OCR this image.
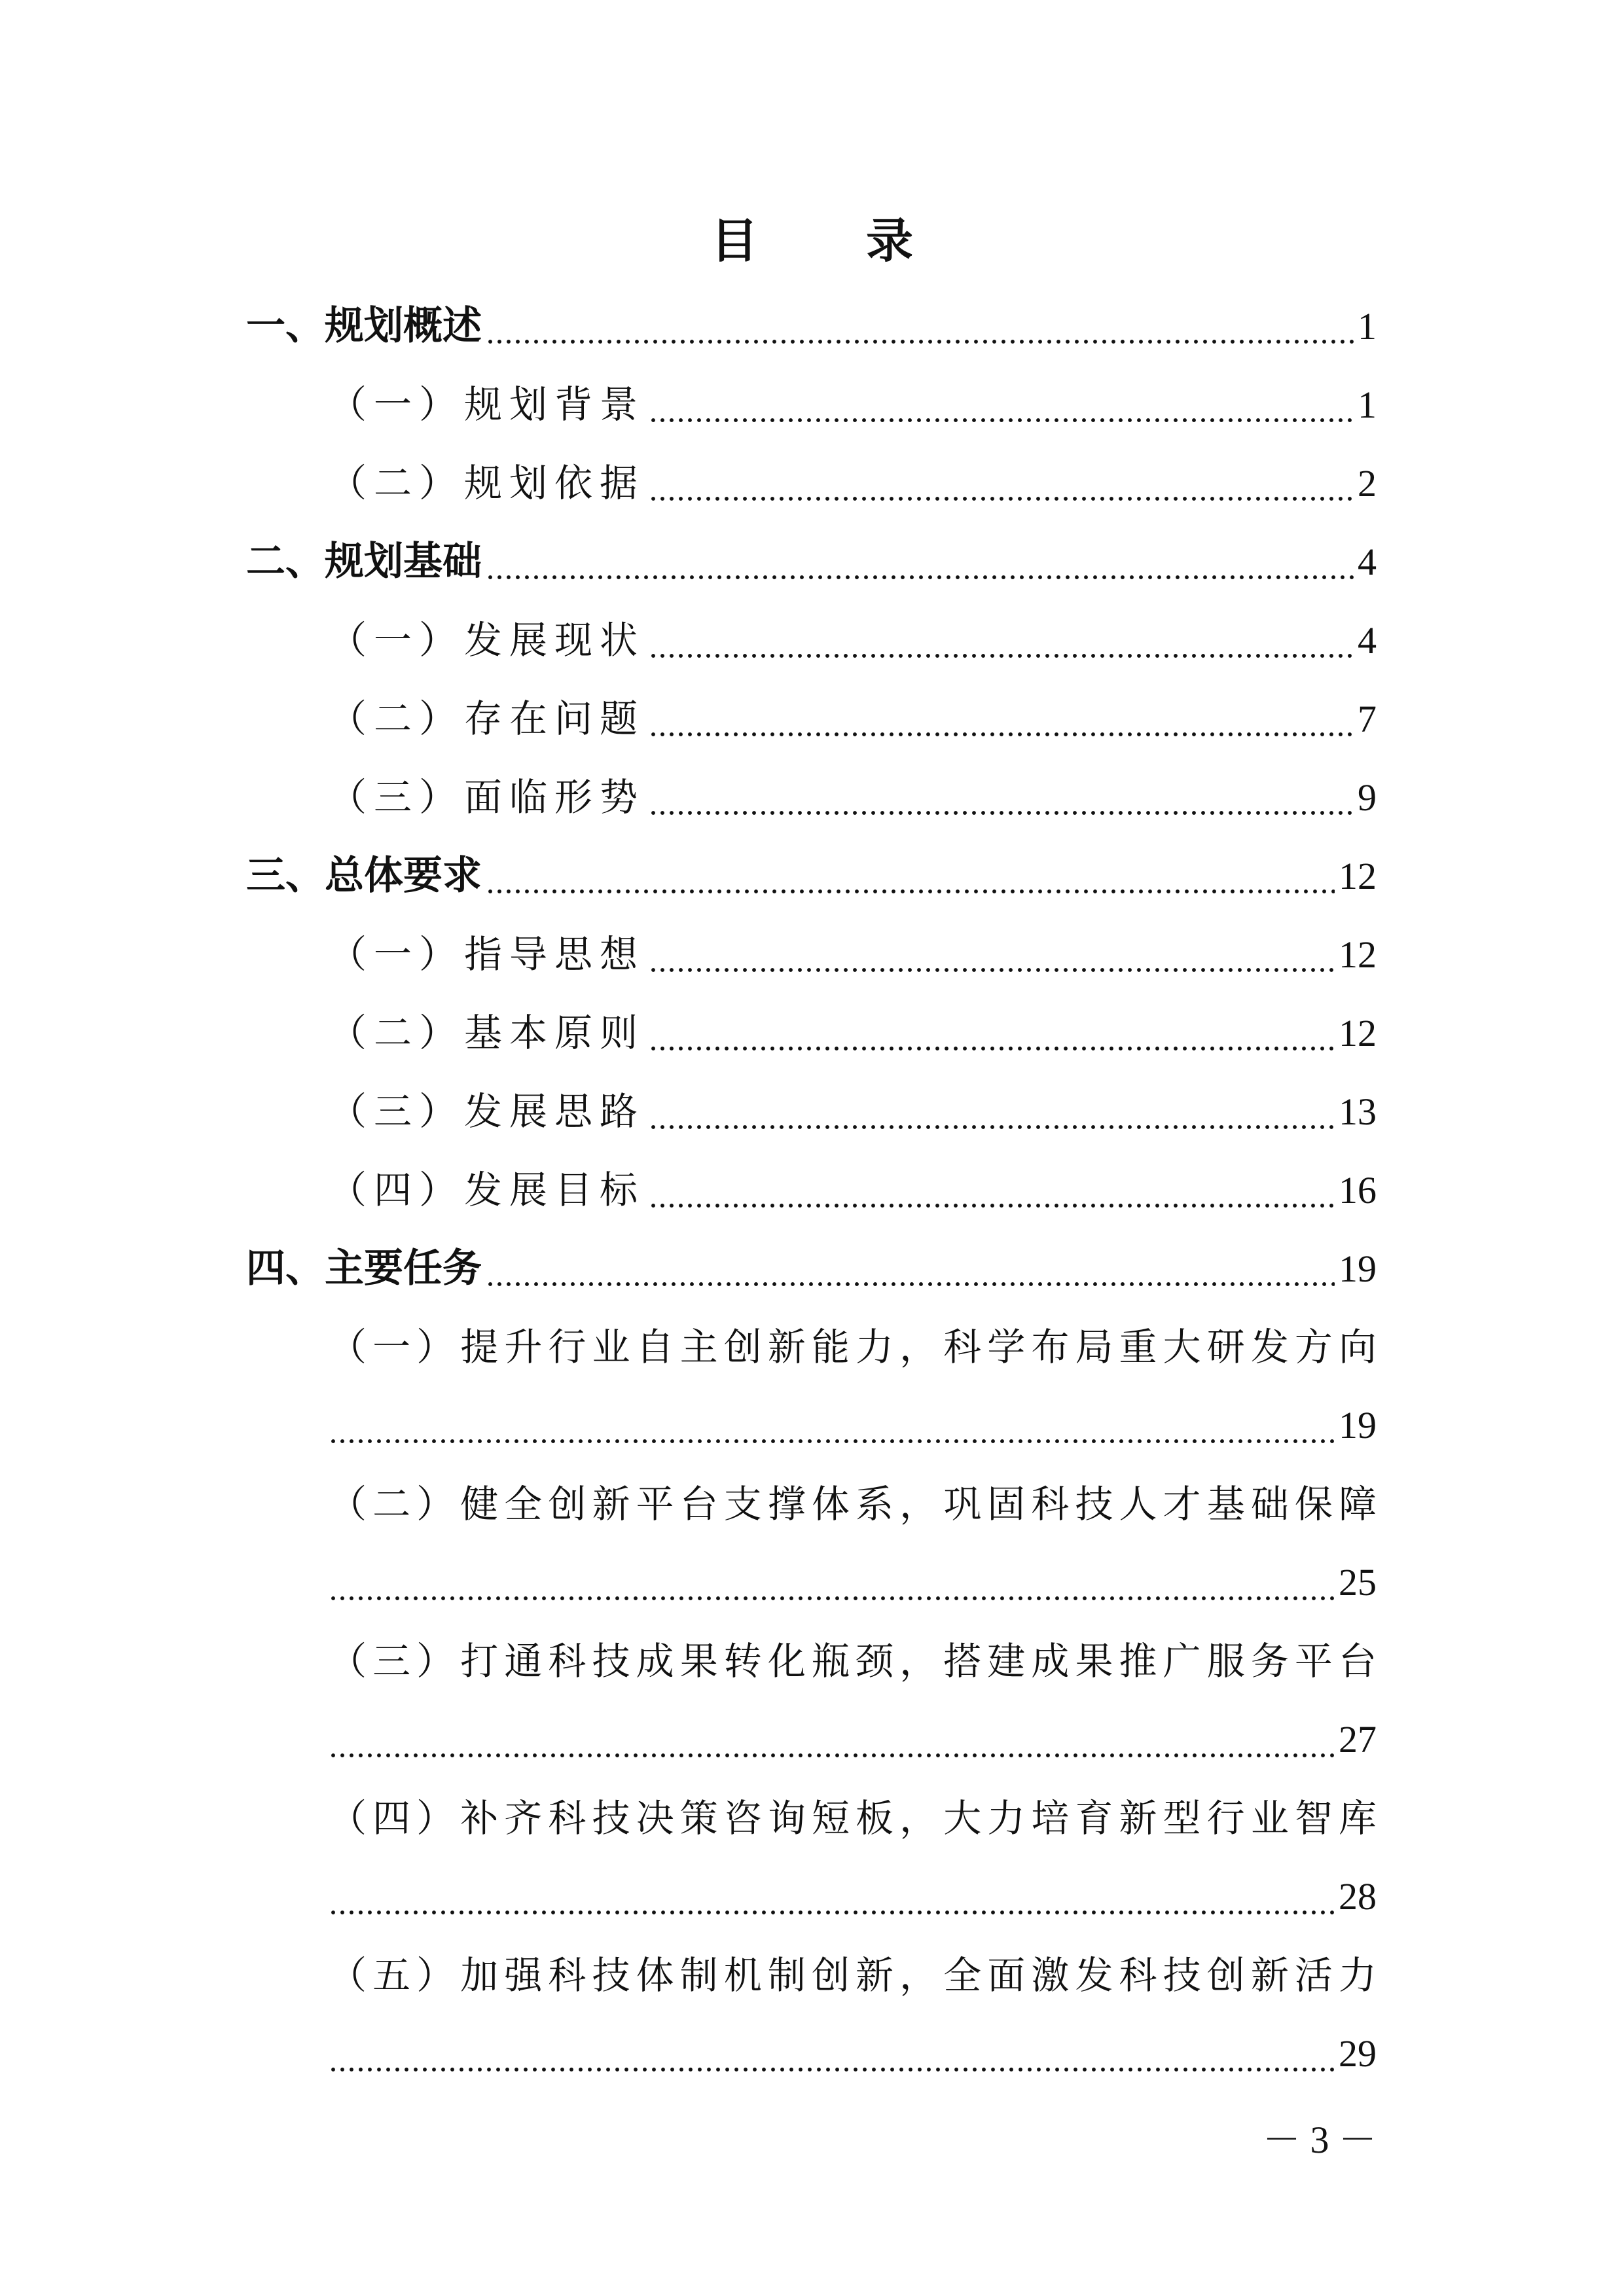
目 录
一、规划概述	1
（一）规划背景	1
（二）规划依据	2
二、规划基础	4
（一）发展现状	4
（二）存在问题	7
（三）面临形势	9
三、总体要求	12
（一）指导思想	12
（二）基本原则	12
（三）发展思路	13
（四）发展目标	16
四、主要任务	19
（一）提升行业自主创新能力，科学布局重大研发方向
19
（二）健全创新平台支撑体系，巩固科技人才基础保障
25
（三）打通科技成果转化瓶颈，搭建成果推广服务平台
27
（四）补齐科技决策咨询短板，大力培育新型行业智库
28
（五）加强科技体制机制创新，全面激发科技创新活力
29
－ 3 －
